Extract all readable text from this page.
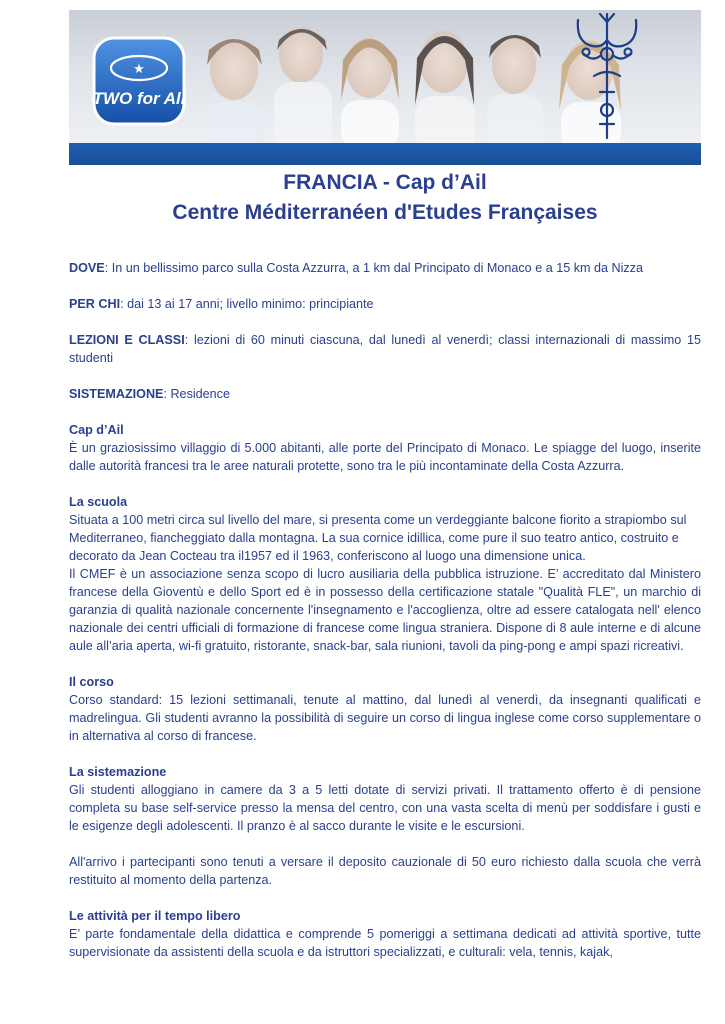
★
TWO for All
FRANCIA - Cap d’Ail
Centre Méditerranéen d'Etudes Françaises

DOVE: In un bellissimo parco sulla Costa Azzurra, a 1 km dal Principato di Monaco e a 15 km da Nizza

PER CHI: dai 13 ai 17 anni; livello minimo: principiante

LEZIONI E CLASSI: lezioni di 60 minuti ciascuna, dal lunedì al venerdì; classi internazionali di massimo 15 studenti

SISTEMAZIONE: Residence

Cap d’Ail
È un graziosissimo villaggio di 5.000 abitanti, alle porte del Principato di Monaco. Le spiagge del luogo, inserite dalle autorità francesi tra le aree naturali protette, sono tra le più incontaminate della Costa Azzurra.

La scuola
Situata a 100 metri circa sul livello del mare, si presenta come un verdeggiante balcone fiorito a strapiombo sul Mediterraneo, fiancheggiato dalla montagna. La sua cornice idillica, come pure il suo teatro antico, costruito e decorato da Jean Cocteau tra il1957 ed il 1963, conferiscono al luogo una dimensione unica.
Il CMEF è un associazione senza scopo di lucro ausiliaria della pubblica istruzione. E’ accreditato dal Ministero francese della Gioventù e dello Sport ed è in possesso della certificazione statale "Qualità FLE", un marchio di garanzia di qualità nazionale concernente l'insegnamento e l'accoglienza, oltre ad essere catalogata nell' elenco nazionale dei centri ufficiali di formazione di francese come lingua straniera. Dispone di 8 aule interne e di alcune aule all’aria aperta, wi-fi gratuito, ristorante, snack-bar, sala riunioni, tavoli da ping-pong e ampi spazi ricreativi.

Il corso
Corso standard: 15 lezioni settimanali, tenute al mattino, dal lunedì al venerdì, da insegnanti qualificati e madrelingua. Gli studenti avranno la possibilità di seguire un corso di lingua inglese come corso supplementare o in alternativa al corso di francese.

La sistemazione
Gli studenti alloggiano in camere da 3 a 5 letti dotate di servizi privati. Il trattamento offerto è di pensione completa su base self-service presso la mensa del centro, con una vasta scelta di menù per soddisfare i gusti e le esigenze degli adolescenti. Il pranzo è al sacco durante le visite e le escursioni.

All'arrivo i partecipanti sono tenuti a versare il deposito cauzionale di 50 euro richiesto dalla scuola che verrà restituito al momento della partenza.

Le attività per il tempo libero
E’ parte fondamentale della didattica e comprende 5 pomeriggi a settimana dedicati ad attività sportive, tutte supervisionate da assistenti della scuola e da istruttori specializzati, e culturali: vela, tennis, kajak,
